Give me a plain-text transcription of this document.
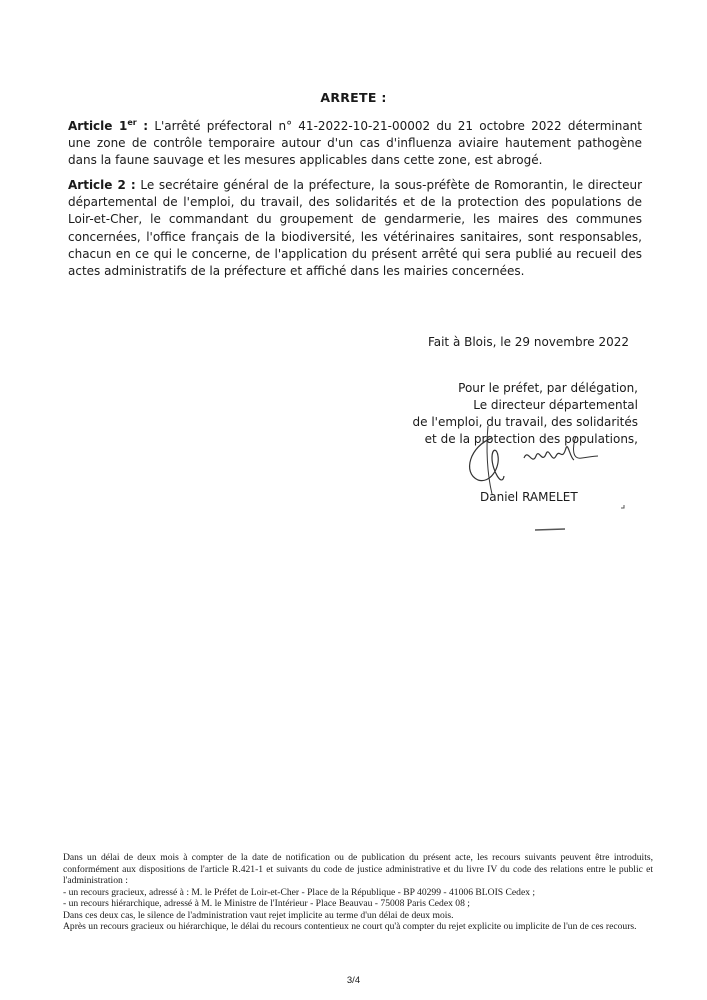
ARRETE :
Article 1er : L'arrêté préfectoral n° 41-2022-10-21-00002 du 21 octobre 2022 déterminant une zone de contrôle temporaire autour d'un cas d'influenza aviaire hautement pathogène dans la faune sauvage et les mesures applicables dans cette zone, est abrogé.
Article 2 : Le secrétaire général de la préfecture, la sous-préfète de Romorantin, le directeur départemental de l'emploi, du travail, des solidarités et de la protection des populations de Loir-et-Cher, le commandant du groupement de gendarmerie, les maires des communes concernées, l'office français de la biodiversité, les vétérinaires sanitaires, sont responsables, chacun en ce qui le concerne, de l'application du présent arrêté qui sera publié au recueil des actes administratifs de la préfecture et affiché dans les mairies concernées.
Fait à Blois, le 29 novembre 2022
Pour le préfet, par délégation,
Le directeur départemental
de l'emploi, du travail, des solidarités
et de la protection des populations,
Daniel RAMELET
Dans un délai de deux mois à compter de la date de notification ou de publication du présent acte, les recours suivants peuvent être introduits, conformément aux dispositions de l'article R.421-1 et suivants du code de justice administrative et du livre IV du code des relations entre le public et l'administration :
- un recours gracieux, adressé à : M. le Préfet de Loir-et-Cher - Place de la République - BP 40299 - 41006 BLOIS Cedex ;
- un recours hiérarchique, adressé à M. le Ministre de l'Intérieur - Place Beauvau - 75008 Paris Cedex 08 ;
Dans ces deux cas, le silence de l'administration vaut rejet implicite au terme d'un délai de deux mois.
Après un recours gracieux ou hiérarchique, le délai du recours contentieux ne court qu'à compter du rejet explicite ou implicite de l'un de ces recours.
3/4
